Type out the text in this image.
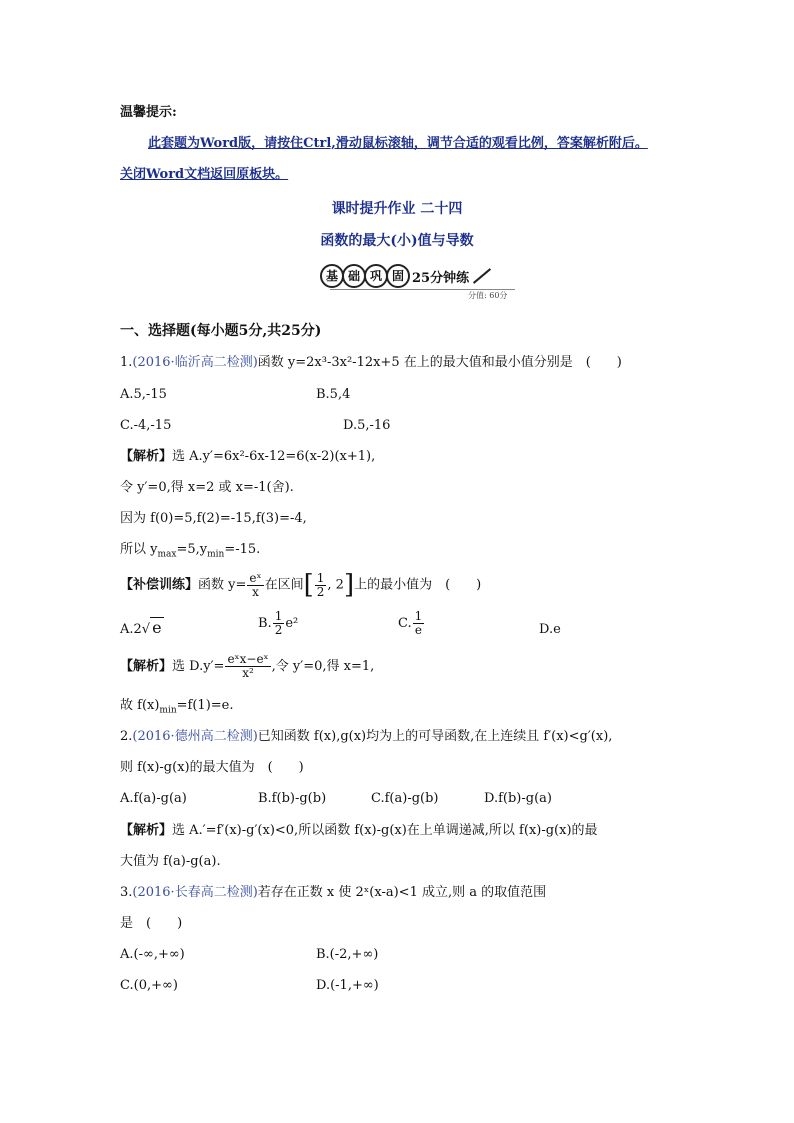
温馨提示:
此套题为Word版，请按住Ctrl,滑动鼠标滚轴，调节合适的观看比例，答案解析附后。
关闭Word文档返回原板块。
课时提升作业 二十四
函数的最大(小)值与导数
基 础 巩 固 25分钟练
分值: 60分
一、选择题(每小题5分,共25分)
1.(2016·临沂高二检测)函数 y=2x³-3x²-12x+5 在上的最大值和最小值分别是　(　　)
A.5,-15	B.5,4
C.-4,-15	D.5,-16
【解析】选 A.y′=6x²-6x-12=6(x-2)(x+1),
令 y′=0,得 x=2 或 x=-1(舍).
因为 f(0)=5,f(2)=-15,f(3)=-4,
所以 $y_{max}=5,y_{min}=-15$.
【补偿训练】函数 $y= \frac{\text{eˣ}}{x}$ 在区间[ $\frac{1}{2}$ , 2]上的最小值为　(　　)
A.2√ e	B. $\frac{1}{2} e^2$	C. $\frac{1}{e}$	D.e
【解析】选 $D.y'= \frac{\text{eˣx−eˣ}}{\text{x²}}$ ,令 y′=0,得 x=1,
故 $f(x)_{min}=f(1)=e$.
2.(2016·德州高二检测)已知函数 f(x),g(x)均为上的可导函数,在上连续且 f′(x)<g′(x),
则 f(x)-g(x)的最大值为　(　　)
A.f(a)-g(a)	B.f(b)-g(b)	C.f(a)-g(b)	D.f(b)-g(a)
【解析】选 A.′=f′(x)-g′(x)<0,所以函数 f(x)-g(x)在上单调递减,所以 f(x)-g(x)的最
大值为 f(a)-g(a).
3.(2016·长春高二检测)若存在正数 x 使 2ˣ(x-a)<1 成立,则 a 的取值范围
是　(　　)
A.(-∞,+∞)	B.(-2,+∞)
C.(0,+∞)	D.(-1,+∞)
